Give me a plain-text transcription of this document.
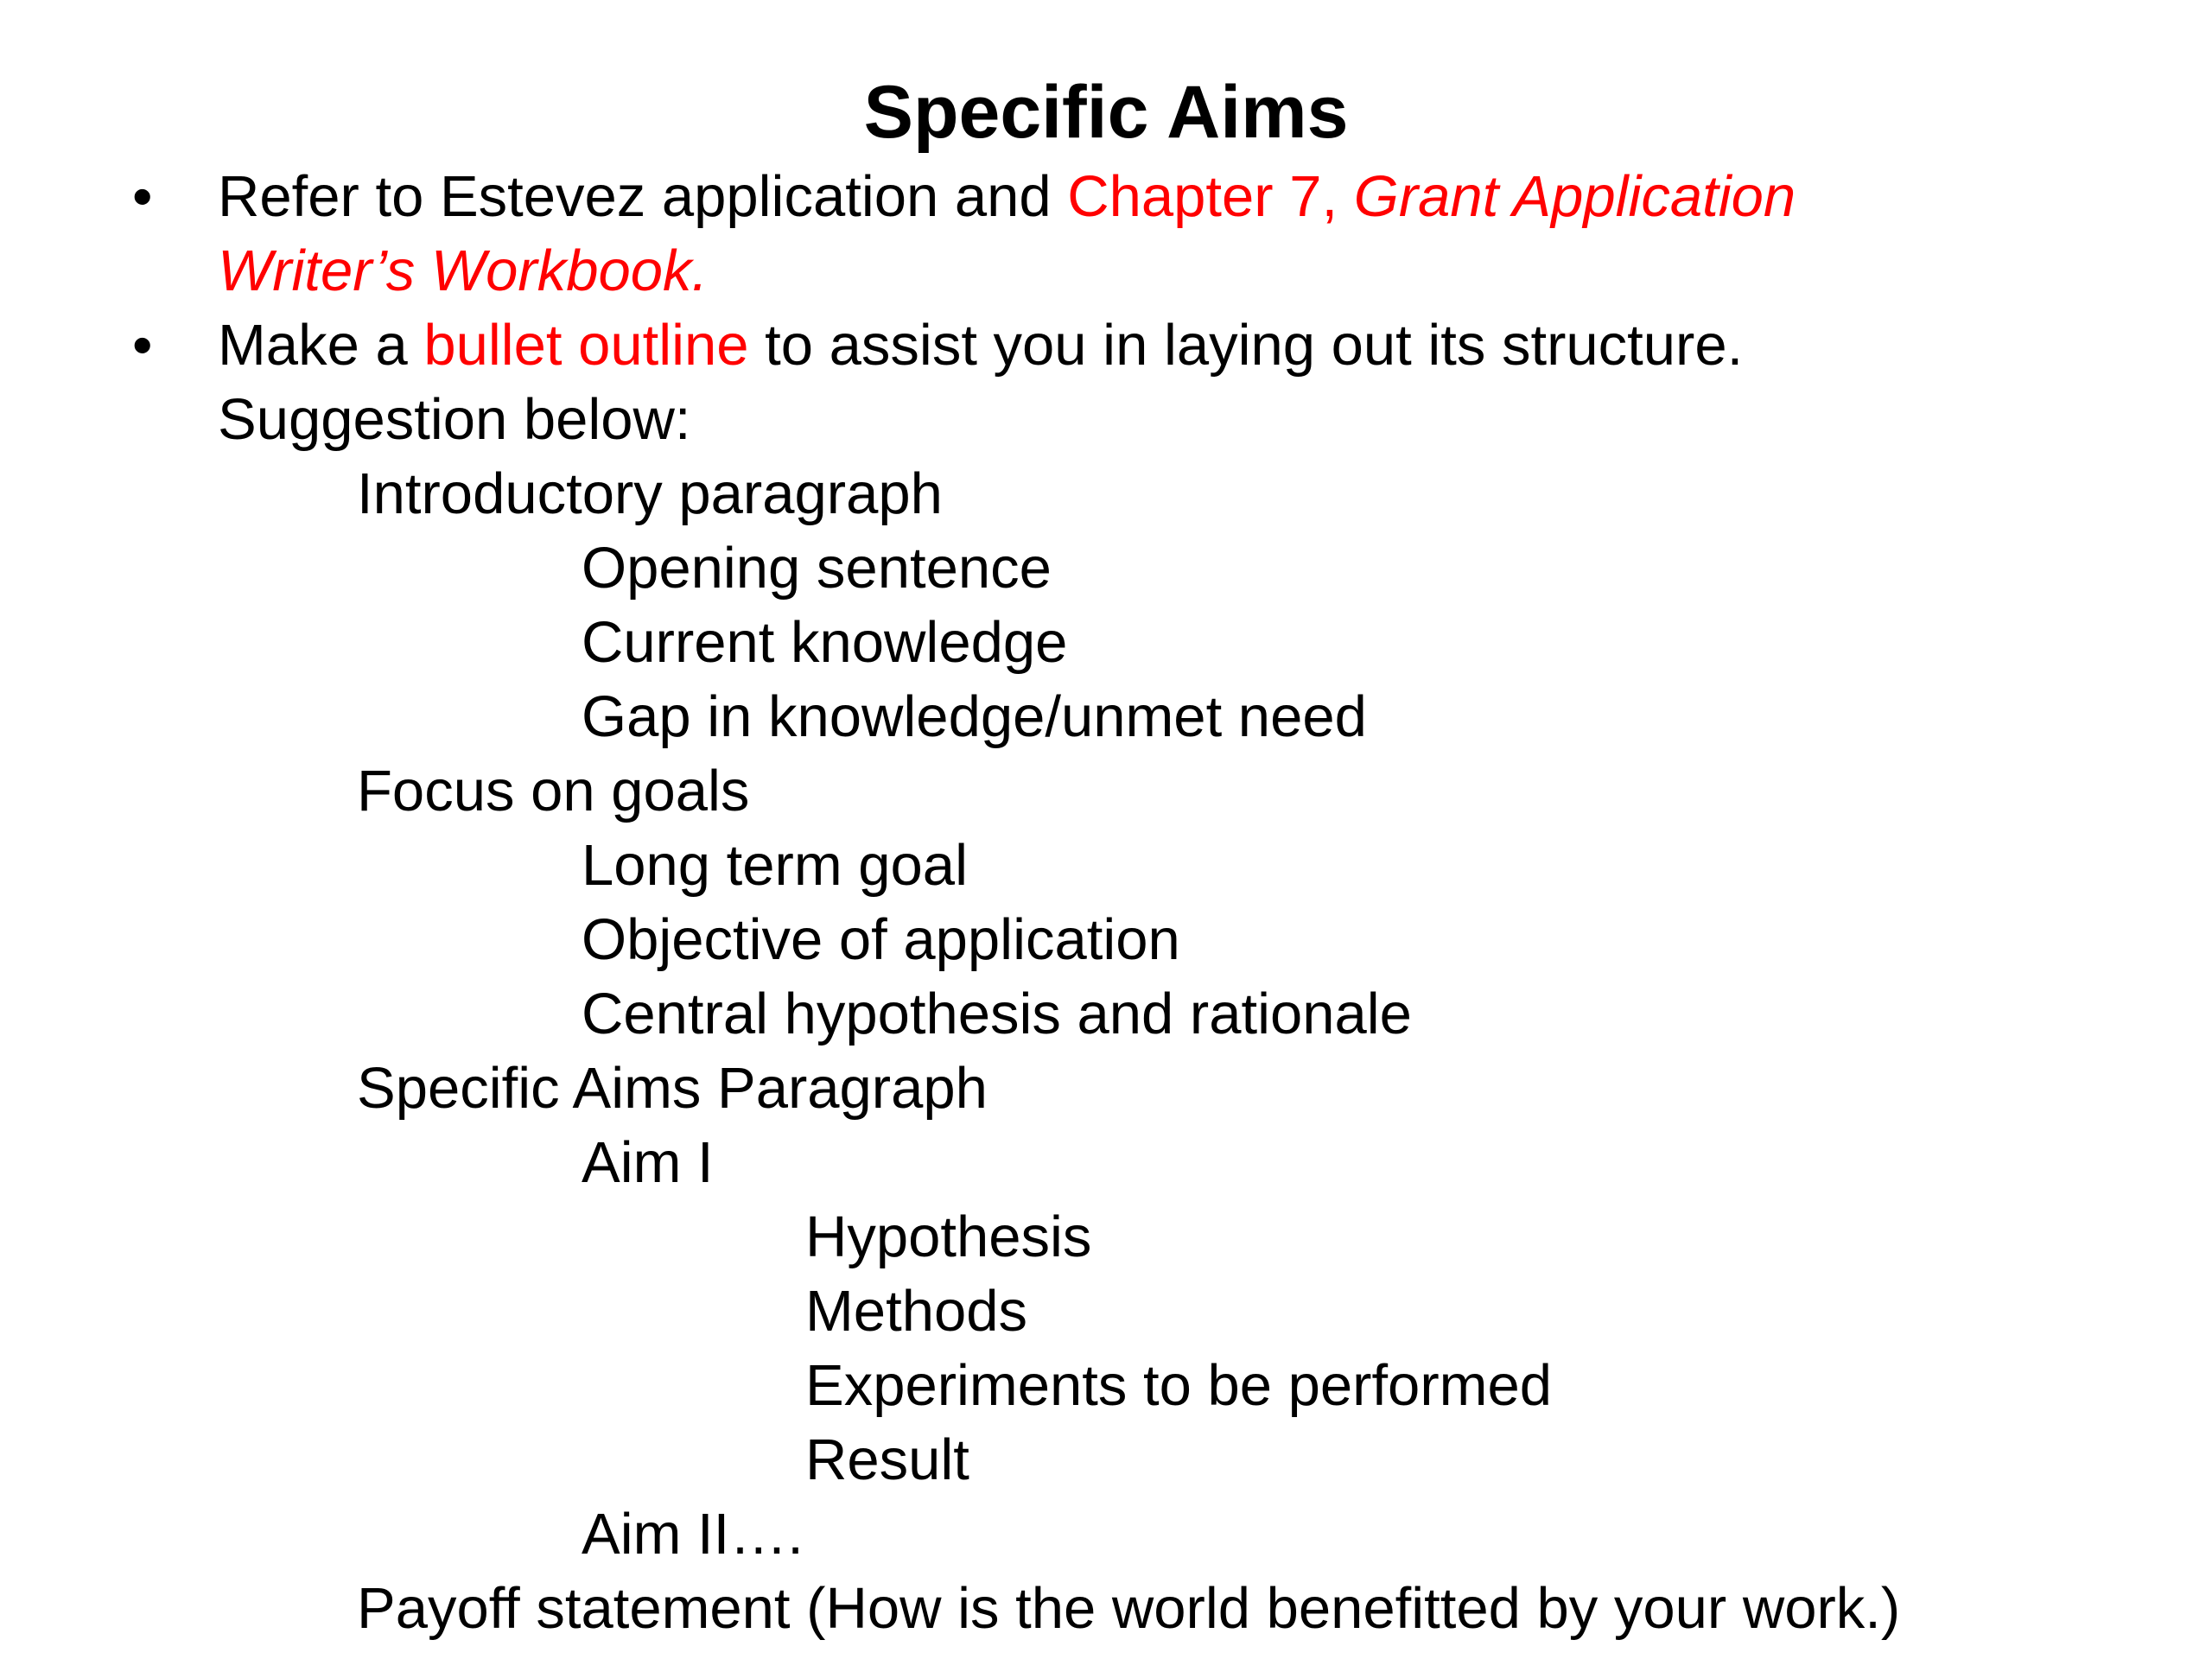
Specific Aims
• Refer to Estevez application and Chapter 7, Grant Application
Writer’s Workbook.
• Make a bullet outline to assist you in laying out its structure.
Suggestion below:
Introductory paragraph
Opening sentence
Current knowledge
Gap in knowledge/unmet need
Focus on goals
Long term goal
Objective of application
Central hypothesis and rationale
Specific Aims Paragraph
Aim I
Hypothesis
Methods
Experiments to be performed
Result
Aim II….
Payoff statement (How is the world benefitted by your work.)
